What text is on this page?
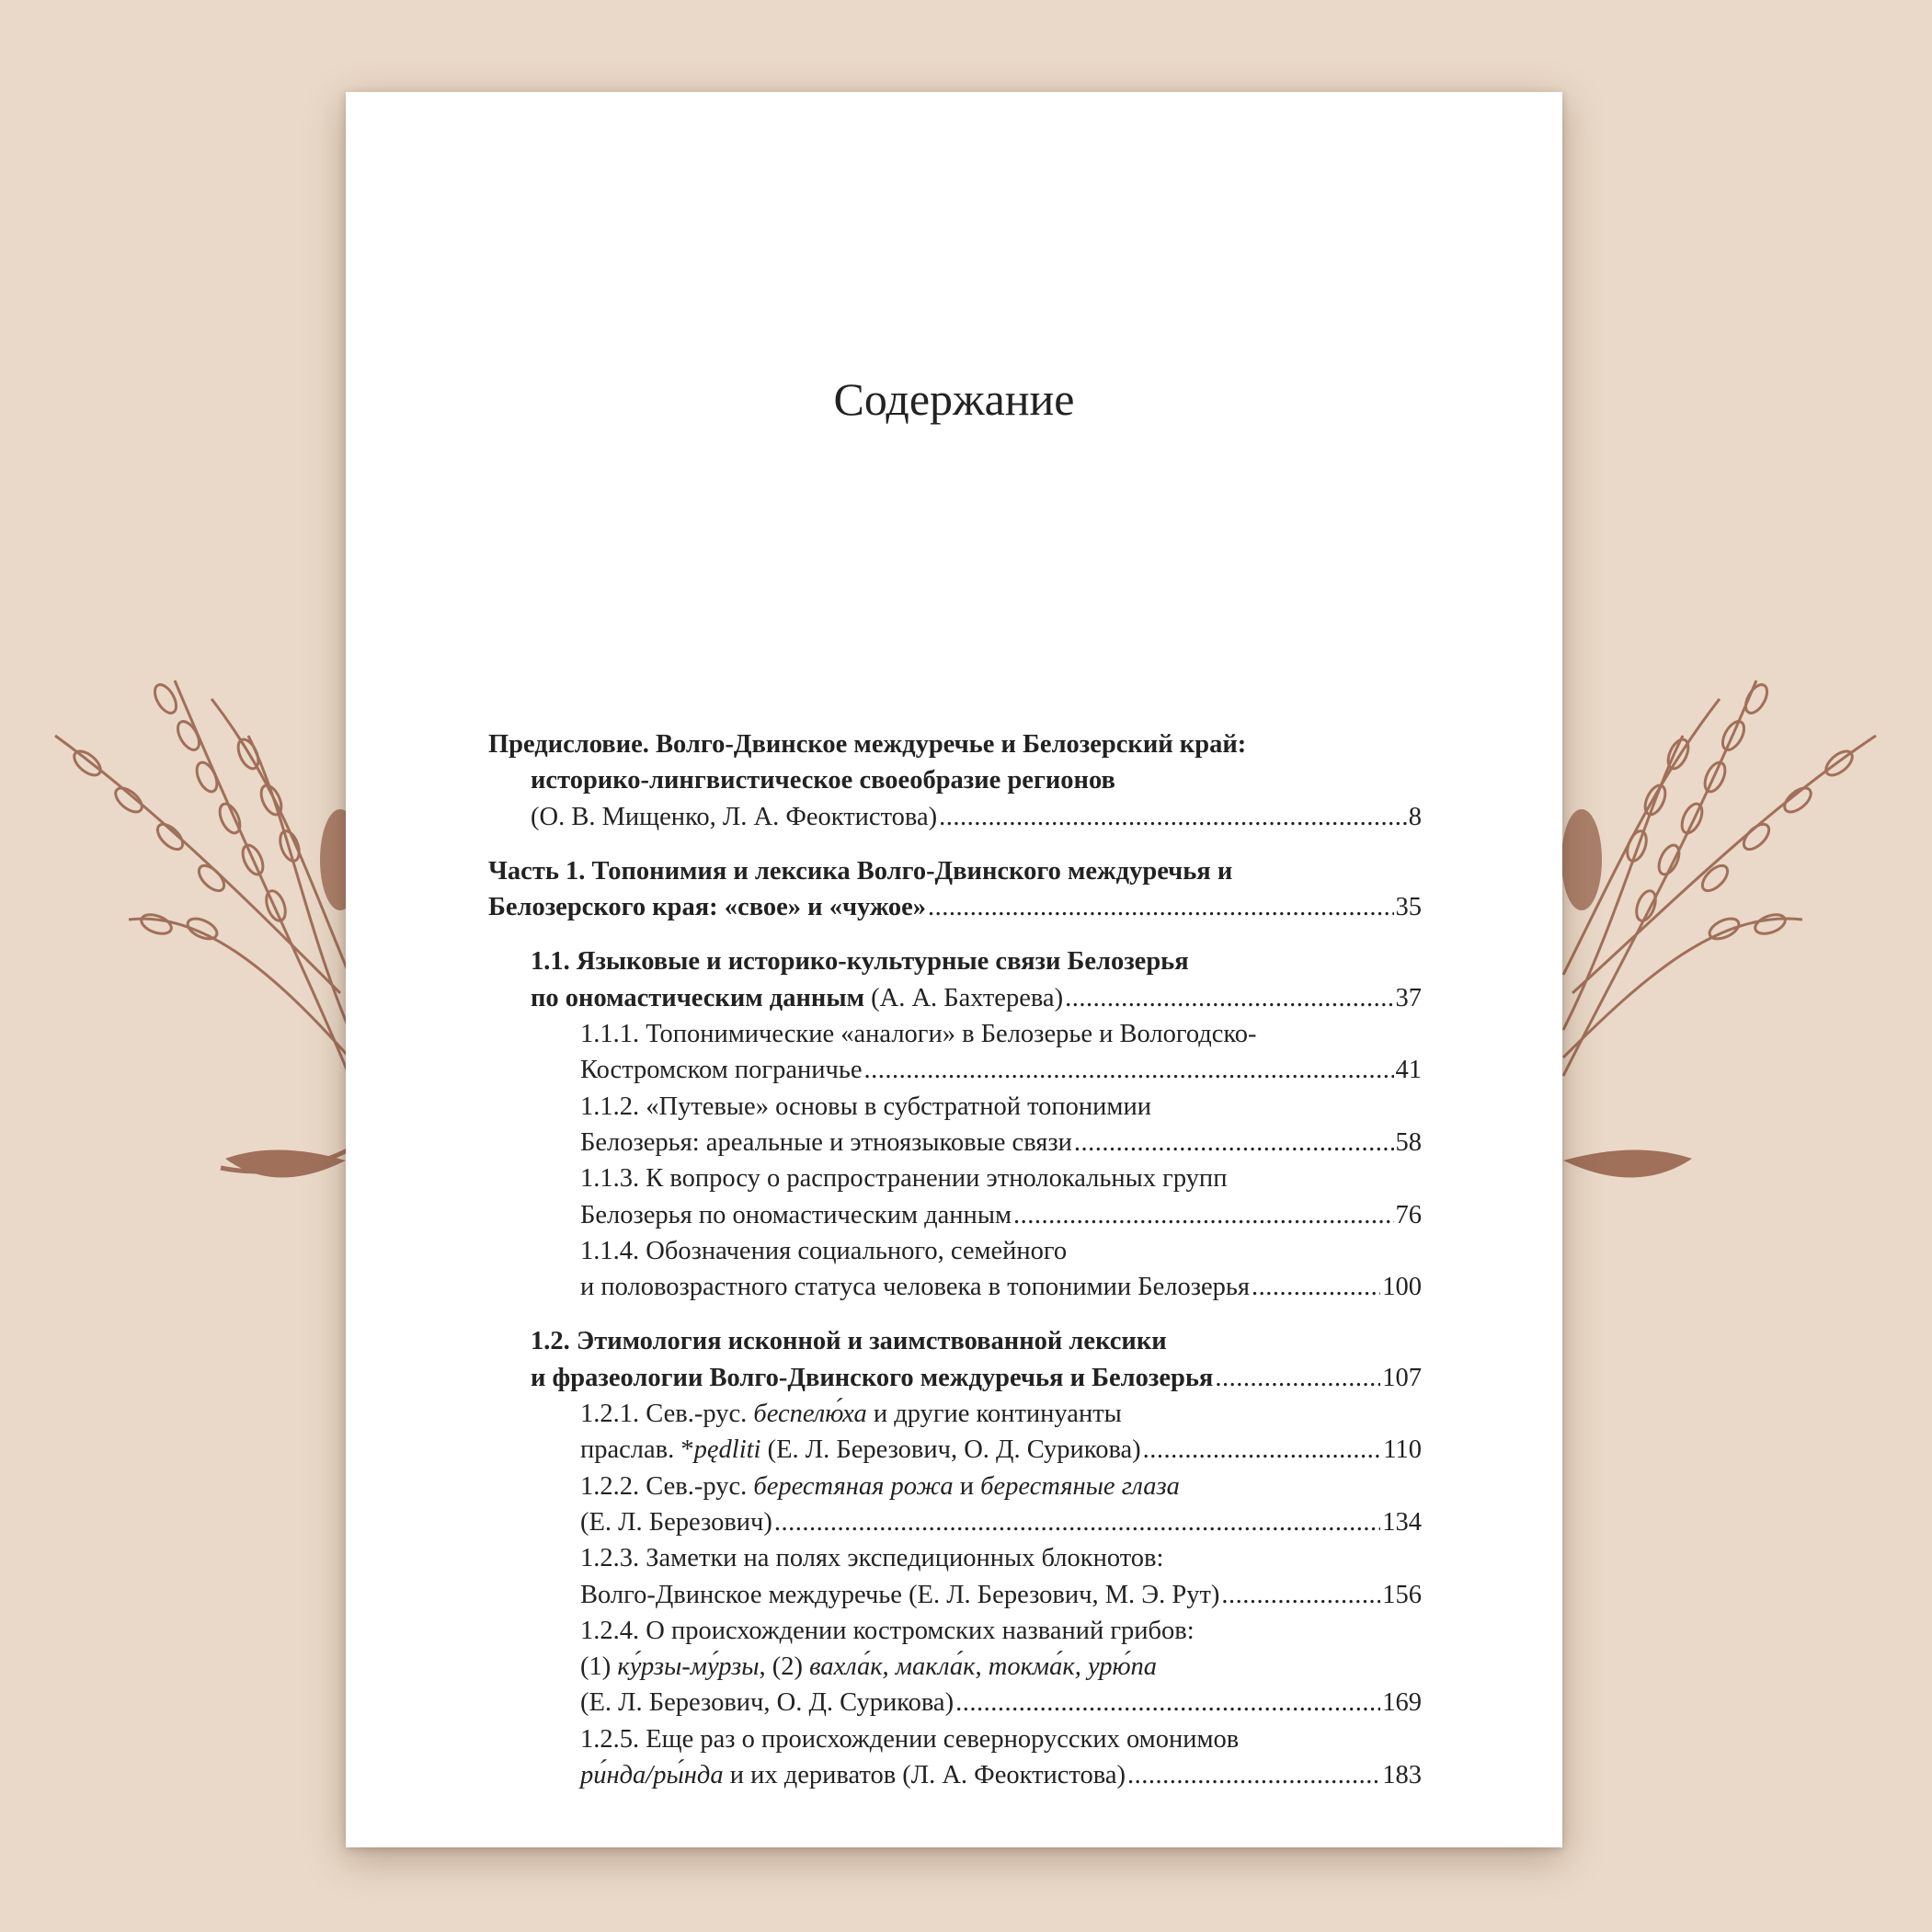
Содержание
Предисловие. Волго-Двинское междуречье и Белозерский край:
историко-лингвистическое своеобразие регионов
(О. В. Мищенко, Л. А. Феоктистова) .....	8
Часть 1. Топонимия и лексика Волго-Двинского междуречья и
Белозерского края: «свое» и «чужое» .....	35
1.1. Языковые и историко-культурные связи Белозерья
по ономастическим данным (А. А. Бахтерева) .....	37
1.1.1. Топонимические «аналоги» в Белозерье и Вологодско-
Костромском пограничье .....	41
1.1.2. «Путевые» основы в субстратной топонимии
Белозерья: ареальные и этноязыковые связи .....	58
1.1.3. К вопросу о распространении этнолокальных групп
Белозерья по ономастическим данным .....	76
1.1.4. Обозначения социального, семейного
и половозрастного статуса человека в топонимии Белозерья .....	100
1.2. Этимология исконной и заимствованной лексики
и фразеологии Волго-Двинского междуречья и Белозерья .....	107
1.2.1. Сев.-рус. беспелю́ха и другие континуанты
праслав. *pędliti (Е. Л. Березович, О. Д. Сурикова) .....	110
1.2.2. Сев.-рус. берестяная рожа и берестяные глаза
(Е. Л. Березович) .....	134
1.2.3. Заметки на полях экспедиционных блокнотов:
Волго-Двинское междуречье (Е. Л. Березович, М. Э. Рут) .....	156
1.2.4. О происхождении костромских названий грибов:
(1) ку́рзы-му́рзы, (2) вахла́к, макла́к, токма́к, урю́па
(Е. Л. Березович, О. Д. Сурикова) .....	169
1.2.5. Еще раз о происхождении севернорусских омонимов
ри́нда/ры́нда и их дериватов (Л. А. Феоктистова) .....	183
